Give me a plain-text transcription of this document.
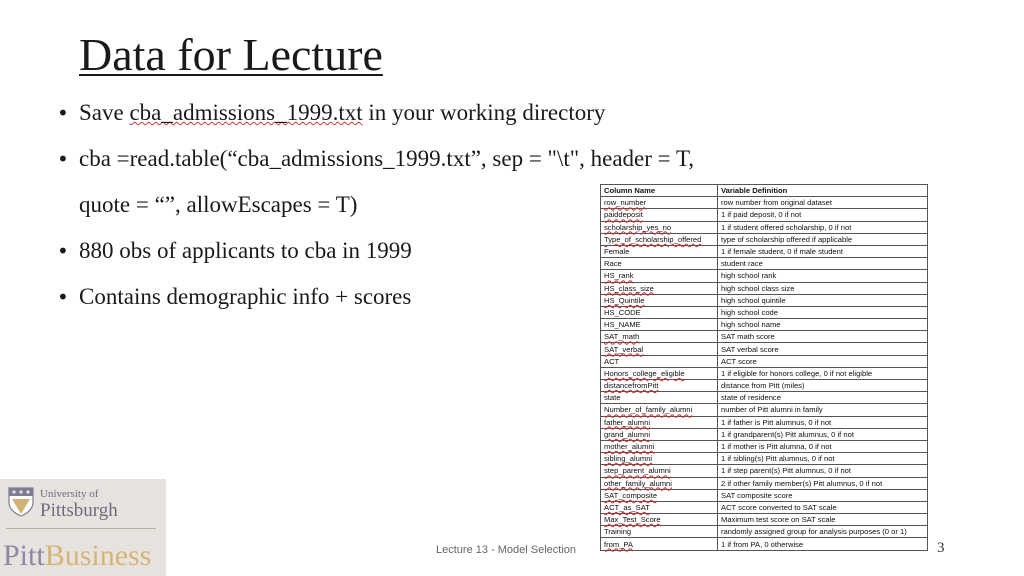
Data for Lecture
• Save cba_admissions_1999.txt in your working directory
• cba =read.table(“cba_admissions_1999.txt”, sep = "\t", header = T,
quote = “”, allowEscapes = T)
• 880 obs of applicants to cba in 1999
• Contains demographic info + scores
Column Name	Variable Definition
row_number	row number from original dataset
paiddeposit	1 if paid deposit, 0 if not
scholarship_yes_no	1 if student offered scholarship, 0 if not
Type_of_scholarship_offered	type of scholarship offered if applicable
Female	1 if female student, 0 if male student
Race	student race
HS_rank	high school rank
HS_class_size	high school class size
HS_Quintile	high school quintile
HS_CODE	high school code
HS_NAME	high school name
SAT_math	SAT math score
SAT_verbal	SAT verbal score
ACT	ACT score
Honors_college_eligible	1 if eligible for honors college, 0 if not eligible
distancefromPitt	distance from Pitt (miles)
state	state of residence
Number_of_family_alumni	number of Pitt alumni in family
father_alumni	1 if father is Pitt alumnus, 0 if not
grand_alumni	1 if grandparent(s) Pitt alumnus, 0 if not
mother_alumni	1 if mother is Pitt alumna, 0 if not
sibling_alumni	1 if sibling(s) Pitt alumnus, 0 if not
step_parent_alumni	1 if step parent(s) Pitt alumnus, 0 if not
other_family_alumni	2 if other family member(s) Pitt alumnus, 0 if not
SAT_composite	SAT composite score
ACT_as_SAT	ACT score converted to SAT scale
Max_Test_Score	Maximum test score on SAT scale
Training	randomly assigned group for analysis purposes (0 or 1)
from_PA	1 if from PA, 0 otherwise
University of
Pittsburgh
PittBusiness	Lecture 13 - Model Selection	3
